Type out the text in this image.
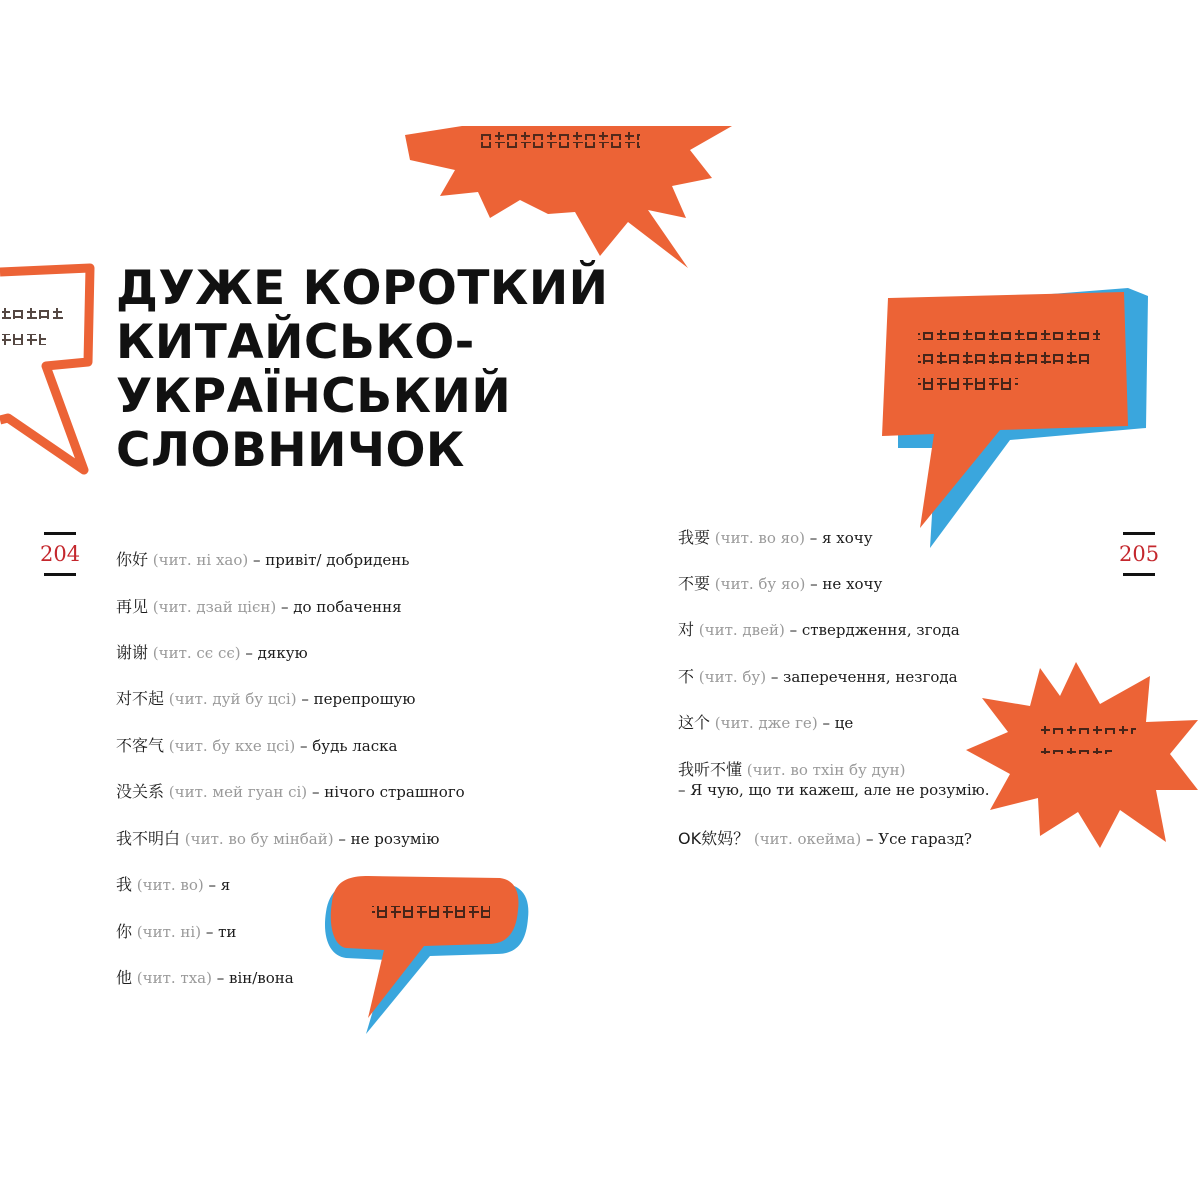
ДУЖЕ КОРОТКИЙ
КИТАЙСЬКО-
УКРАЇНСЬКИЙ
СЛОВНИЧОК
204	205
你好 (чит. ні хао) – привіт/ добридень
再见 (чит. дзай цієн) – до побачення
谢谢 (чит. сє сє) – дякую
对不起 (чит. дуй бу цсі) – перепрошую
不客气 (чит. бу кхе цсі) – будь ласка
没关系 (чит. мей гуан сі) – нічого страшного
我不明白 (чит. во бу мінбай) – не розумію
我 (чит. во) – я
你 (чит. ні) – ти
他 (чит. тха) – він/вона
我要 (чит. во яо) – я хочу
不要 (чит. бу яо) – не хочу
对 (чит. двей) – ствердження, згода
不 (чит. бу) – заперечення, незгода
这个 (чит. дже ге) – це
我听不懂 (чит. во тхін бу дун)
– Я чую, що ти кажеш, але не розумію.
OK欸妈？ (чит. окейма) – Усе гаразд?
